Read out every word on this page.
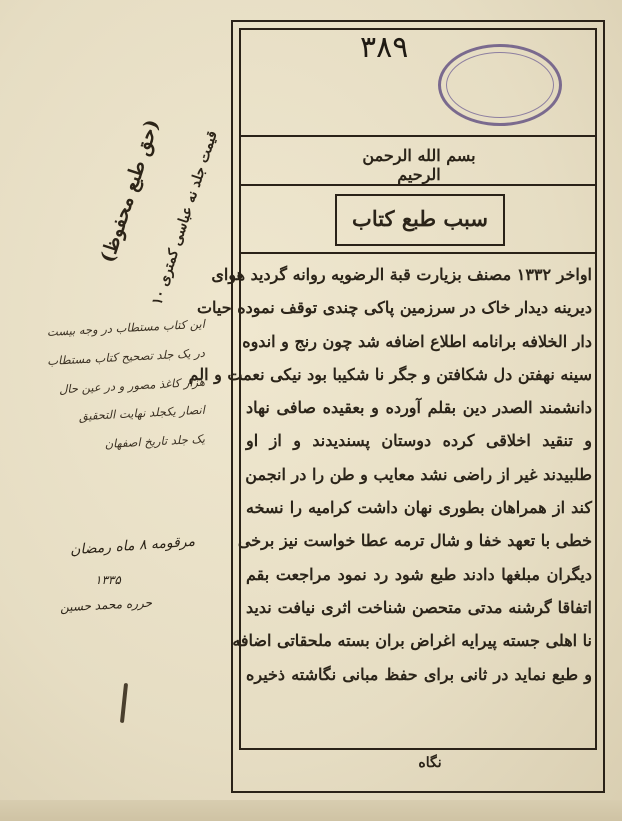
(حق طبع محفوظ)
قیمت جلد نه عباسی کمتری ۱۰
این کتاب مستطاب در وجه بیست
در یک جلد تصحیح کتاب مستطاب
هزار کاغذ مصور و در عین حال
انصار یکجلد نهایت التحقیق
یک جلد تاریخ اصفهان
مرقومه ۸ ماه رمضان
۱۳۳۵
حرره محمد حسین
۳۸۹
بسم الله الرحمن الرحیم
سبب طبع کتاب
اواخر ۱۳۳۲ مصنف بزیارت قبة الرضویه روانه گردید هوای
دیرینه دیدار خاک در سرزمین پاکی چندی توقف نموده حیات
دار الخلافه برانامه اطلاع اضافه شد چون رنج و اندوه
سینه نهفتن دل شکافتن و جگر نا شکیبا بود نیکی نعمت و الم
دانشمند الصدر دین بقلم آورده و بعقیده صافی نهاد
و تنقید اخلاقی کرده دوستان پسندیدند و از او
طلبیدند غیر از راضی نشد معایب و طن را در انجمن
کند از همراهان بطوری نهان داشت کرامیه را نسخه
خطی با تعهد خفا و شال ترمه عطا خواست نیز برخی
دیگران مبلغها دادند طبع شود رد نمود مراجعت بقم
اتفاقا گرشنه مدتی متحصن شناخت اثری نیافت ندید
نا اهلی جسته پیرایه اغراض بران بسته ملحقاتی اضافه
و طبع نماید در ثانی برای حفظ مبانی نگاشته ذخیره
نگاه
